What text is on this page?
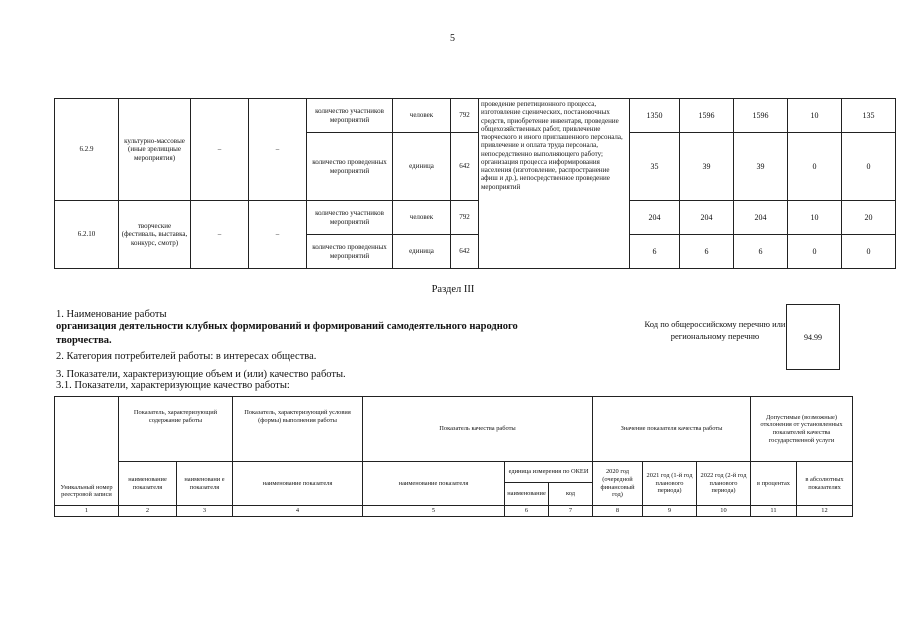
5
6.2.9	культурно-массовые (иные зрелищные мероприятия)	–	–	количество участников мероприятий	человек	792	проведение репетиционного процесса, изготовление сценических, постановочных средств, приобретение инвентаря, проведение общехозяйственных работ, привлечение творческого и иного приглашенного персонала, привлечение и оплата труда персонала, непосредственно выполняющего работу; организация процесса информирования населения (изготовление, распространение афиш и др.), непосредственное проведение мероприятий	1350	1596	1596	10	135
				количество проведенных мероприятий	единица	642		35	39	39	0	0
6.2.10	творческие (фестиваль, выставка, конкурс, смотр)	–	–	количество участников мероприятий	человек	792		204	204	204	10	20
				количество проведенных мероприятий	единица	642		6	6	6	0	0
Раздел III
1. Наименование работы
организация деятельности клубных формирований и формирований самодеятельного народного
творчества.
2. Категория потребителей работы: в интересах общества.
3. Показатели, характеризующие объем и (или) качество работы.
3.1. Показатели, характеризующие качество работы:
Код по общероссийскому перечню или региональному перечню	94.99
Уникальный номер реестровой записи	Показатель, характеризующий содержание работы		Показатель, характеризующий условия (формы) выполнения работы	Показатель качества работы			Значение показателя качества работы			Допустимые (возможные) отклонения от установленных показателей качества государственной услуги	
	наименование показателя	наименовани е показателя	наименование показателя	наименование показателя	единица измерения по ОКЕИ		2020 год (очередной финансовый год)	2021 год (1-й год планового периода)	2022 год (2-й год планового периода)	в процентах	в абсолютных показателях
					наименование	код					
1	2	3	4	5	6	7	8	9	10	11	12
